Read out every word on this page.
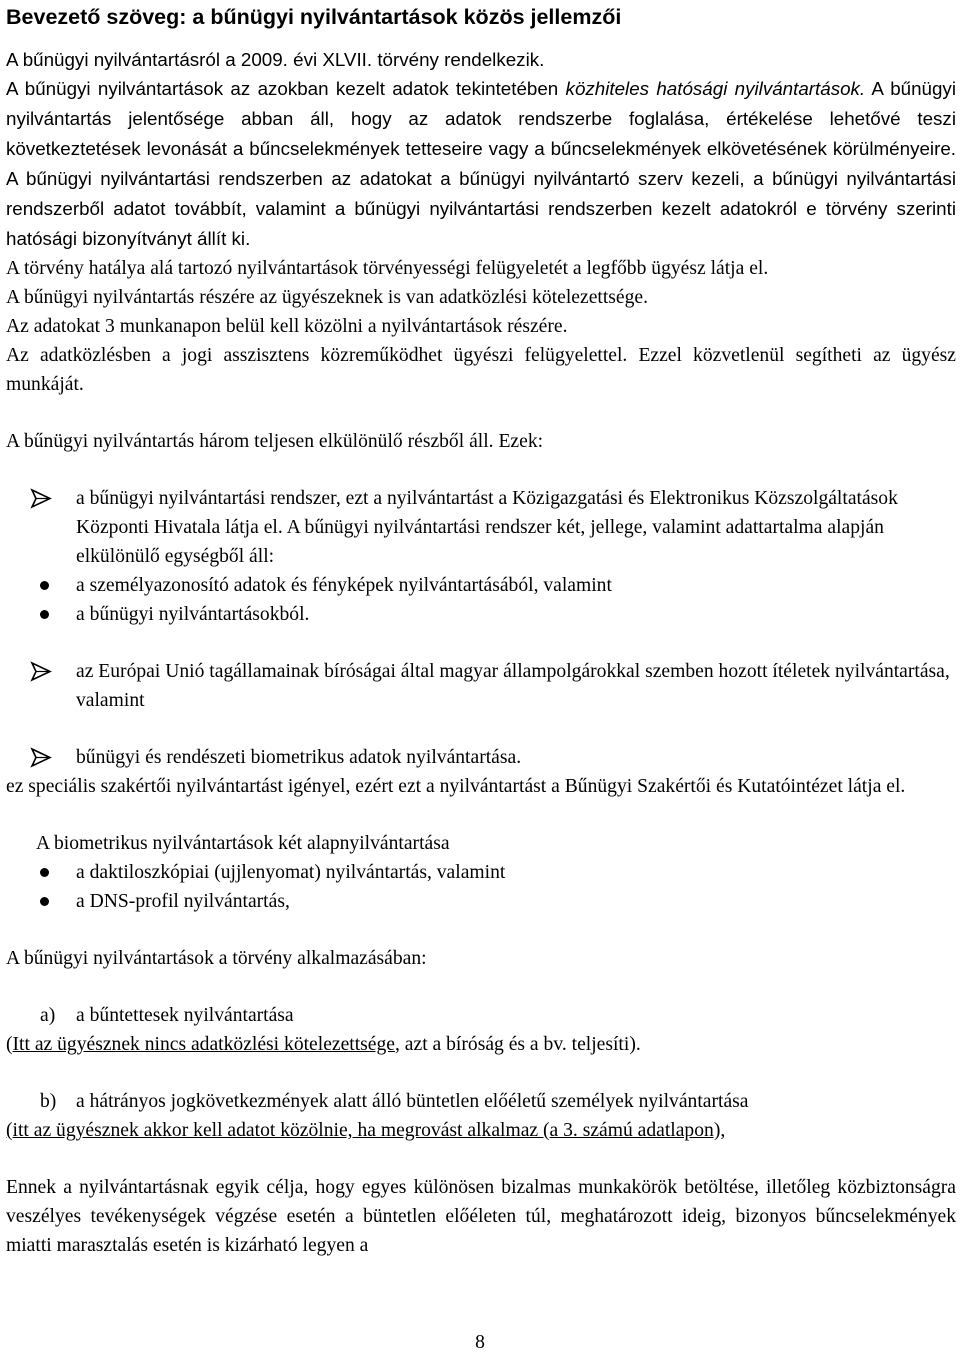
Bevezető szöveg: a bűnügyi nyilvántartások közös jellemzői

A bűnügyi nyilvántartásról a 2009. évi XLVII. törvény rendelkezik.

A bűnügyi nyilvántartások az azokban kezelt adatok tekintetében közhiteles hatósági nyilvántartások. A bűnügyi nyilvántartás jelentősége abban áll, hogy az adatok rendszerbe foglalása, értékelése lehetővé teszi következtetések levonását a bűncselekmények tetteseire vagy a bűncselekmények elkövetésének körülményeire. A bűnügyi nyilvántartási rendszerben az adatokat a bűnügyi nyilvántartó szerv kezeli, a bűnügyi nyilvántartási rendszerből adatot továbbít, valamint a bűnügyi nyilvántartási rendszerben kezelt adatokról e törvény szerinti hatósági bizonyítványt állít ki.

A törvény hatálya alá tartozó nyilvántartások törvényességi felügyeletét a legfőbb ügyész látja el.

A bűnügyi nyilvántartás részére az ügyészeknek is van adatközlési kötelezettsége.

Az adatokat 3 munkanapon belül kell közölni a nyilvántartások részére.

Az adatközlésben a jogi asszisztens közreműködhet ügyészi felügyelettel. Ezzel közvetlenül segítheti az ügyész munkáját.

A bűnügyi nyilvántartás három teljesen elkülönülő részből áll. Ezek:

a bűnügyi nyilvántartási rendszer, ezt a nyilvántartást a Közigazgatási és Elektronikus Közszolgáltatások Központi Hivatala látja el. A bűnügyi nyilvántartási rendszer két, jellege, valamint adattartalma alapján elkülönülő egységből áll:
a személyazonosító adatok és fényképek nyilvántartásából, valamint
a bűnügyi nyilvántartásokból.
az Európai Unió tagállamainak bíróságai által magyar állampolgárokkal szemben hozott ítéletek nyilvántartása, valamint
bűnügyi és rendészeti biometrikus adatok nyilvántartása.

ez speciális szakértői nyilvántartást igényel, ezért ezt a nyilvántartást a Bűnügyi Szakértői és Kutatóintézet látja el.

A biometrikus nyilvántartások két alapnyilvántartása

a daktiloszkópiai (ujjlenyomat) nyilvántartás, valamint
a DNS-profil nyilvántartás,

A bűnügyi nyilvántartások a törvény alkalmazásában:

a) a bűntettesek nyilvántartása

(Itt az ügyésznek nincs adatközlési kötelezettsége, azt a bíróság és a bv. teljesíti).

b) a hátrányos jogkövetkezmények alatt álló büntetlen előéletű személyek nyilvántartása

(itt az ügyésznek akkor kell adatot közölnie, ha megrovást alkalmaz (a 3. számú adatlapon),

Ennek a nyilvántartásnak egyik célja, hogy egyes különösen bizalmas munkakörök betöltése, illetőleg közbiztonságra veszélyes tevékenységek végzése esetén a büntetlen előéleten túl, meghatározott ideig, bizonyos bűncselekmények miatti marasztalás esetén is kizárható legyen a

8
